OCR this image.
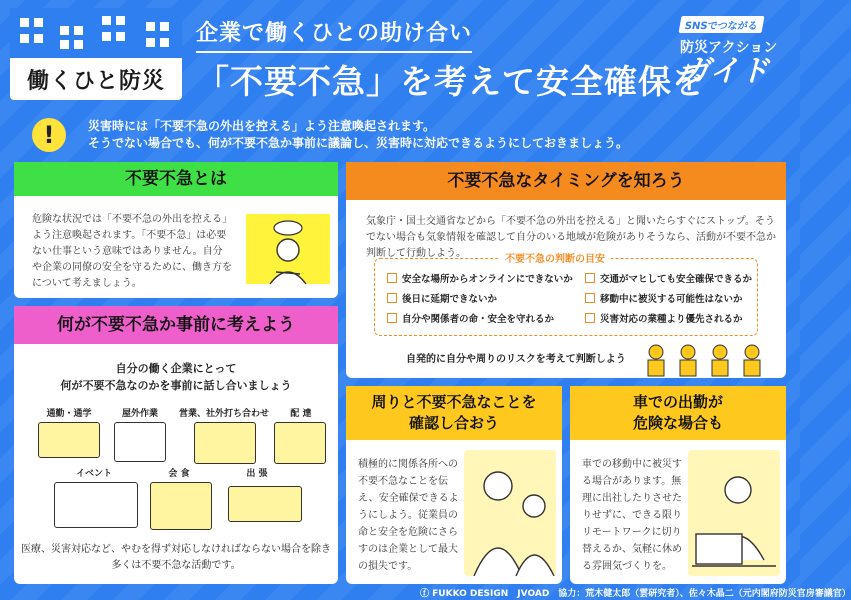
働くひと防災
企業で働くひとの助け合い
「不要不急」を考えて安全確保を
SNSでつながる
防災アクション
ガイド
!	災害時には「不要不急の外出を控える」よう注意喚起されます。
そうでない場合でも、何が不要不急か事前に議論し、災害時に対応できるようにしておきましょう。
不要不急とは
危険な状況では「不要不急の外出を控える」よう注意喚起されます。「不要不急」は必要ない仕事という意味ではありません。自分や企業の同僚の安全を守るために、働き方をについて考えましょう。
何が不要不急か事前に考えよう
自分の働く企業にとって
何が不要不急なのかを事前に話し合いましょう
通勤・通学	屋外作業	営業、社外打ち合わせ	配 達
イベント	会 食	出 張
医療、災害対応など、やむを得ず対応しなければならない場合を除き
多くは不要不急な活動です。
不要不急なタイミングを知ろう
気象庁・国土交通省などから「不要不急の外出を控える」と聞いたらすぐにストップ。そうでない場合も気象情報を確認して自分のいる地域が危険がありそうなら、活動が不要不急か判断して行動しよう。
不要不急の判断の目安
安全な場所からオンラインにできないか	交通がマヒしても安全確保できるか
後日に延期できないか	移動中に被災する可能性はないか
自分や関係者の命・安全を守れるか	災害対応の業種より優先されるか
自発的に自分や周りのリスクを考えて判断しよう
周りと不要不急なことを
確認し合おう
積極的に関係各所への不要不急なことを伝え、安全確保できるようにしよう。従業員の命と安全を危険にさらすのは企業として最大の損失です。
車での出勤が
危険な場合も
車での移動中に被災する場合があります。無理に出社したりさせたりせずに、できる限りリモートワークに切り替えるか、気軽に休める雰囲気づくりを。
ⓕ FUKKO DESIGN　JVOAD　協力：荒木健太郎（雲研究者）、佐々木晶二（元内閣府防災官房審議官）
